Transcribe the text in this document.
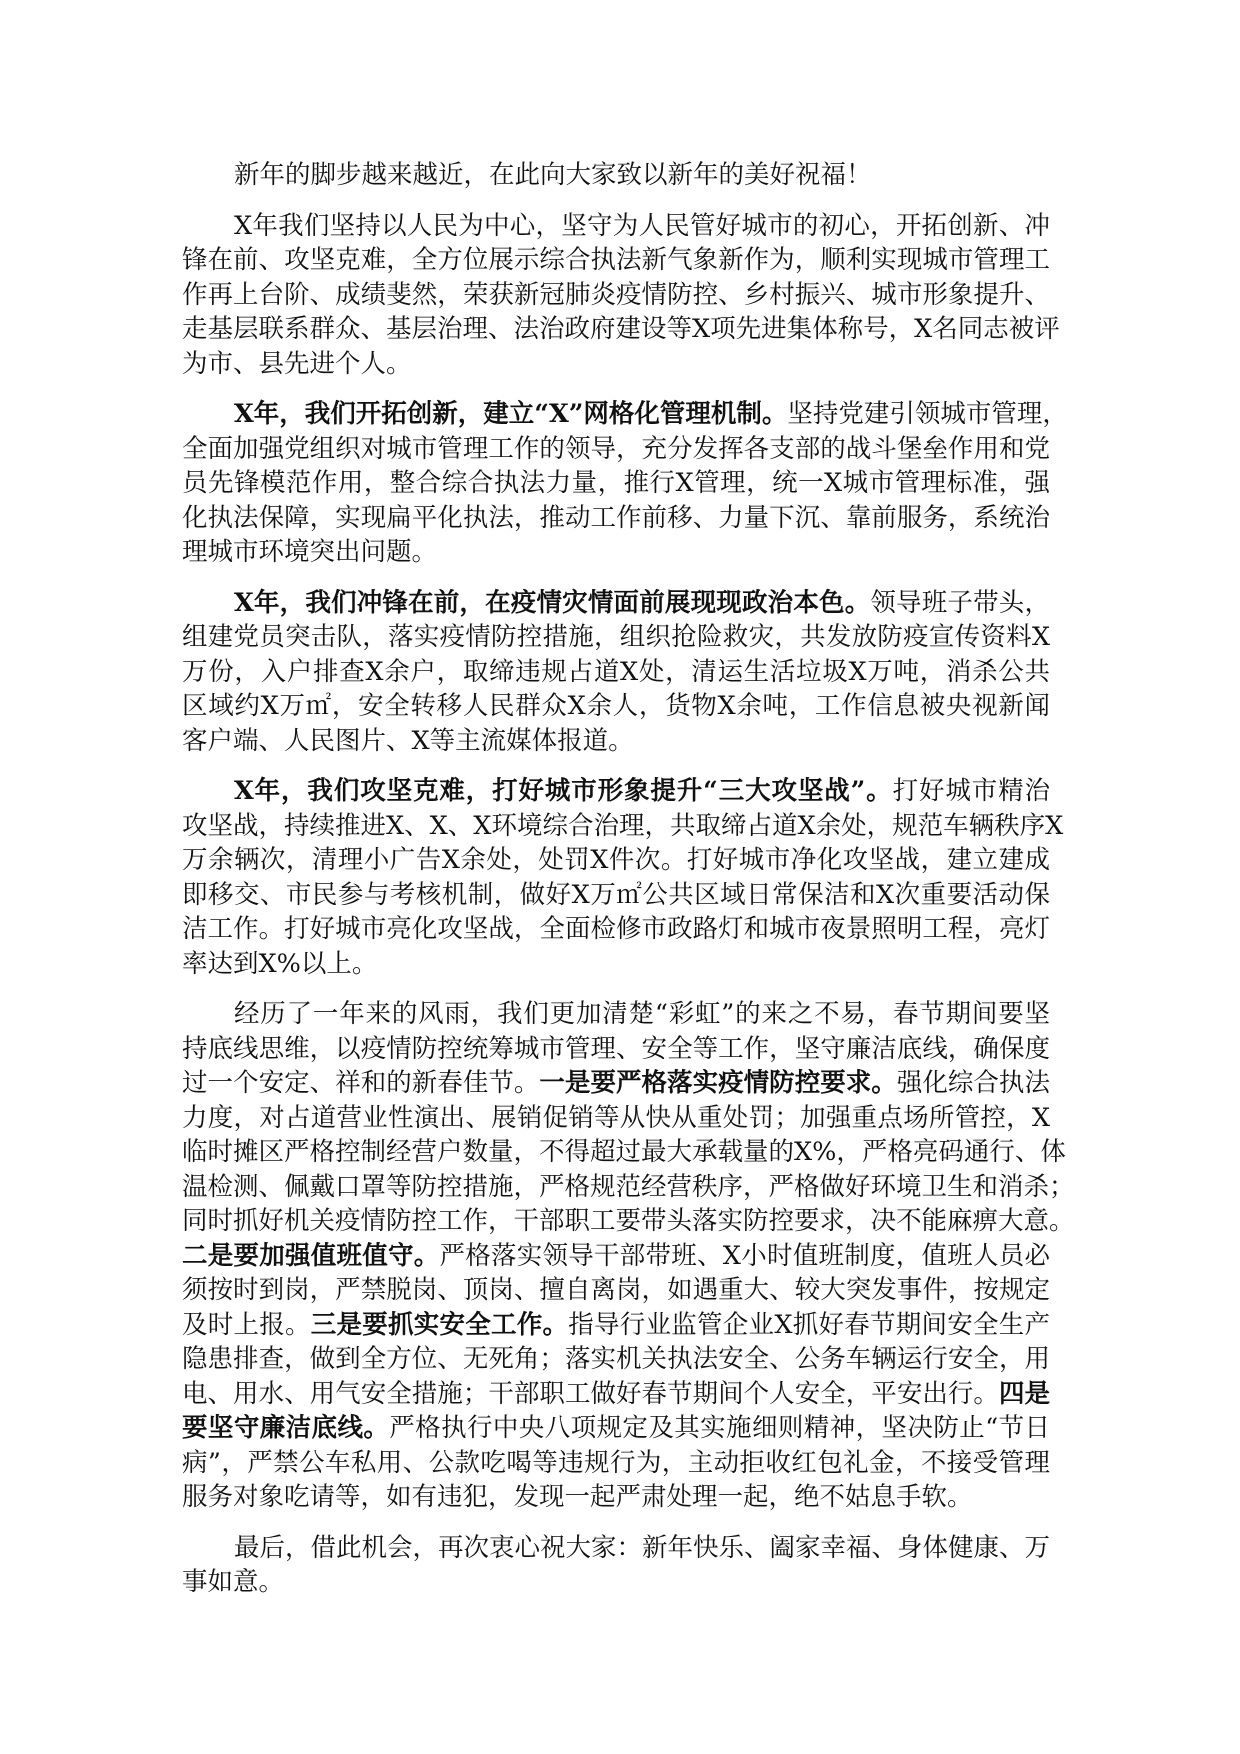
新年的脚步越来越近，在此向大家致以新年的美好祝福！
X年我们坚持以人民为中心，坚守为人民管好城市的初心，开拓创新、冲
锋在前、攻坚克难，全方位展示综合执法新气象新作为，顺利实现城市管理工
作再上台阶、成绩斐然，荣获新冠肺炎疫情防控、乡村振兴、城市形象提升、
走基层联系群众、基层治理、法治政府建设等X项先进集体称号，X名同志被评
为市、县先进个人。
X年，我们开拓创新，建立“X”网格化管理机制。坚持党建引领城市管理，
全面加强党组织对城市管理工作的领导，充分发挥各支部的战斗堡垒作用和党
员先锋模范作用，整合综合执法力量，推行X管理，统一X城市管理标准，强
化执法保障，实现扁平化执法，推动工作前移、力量下沉、靠前服务，系统治
理城市环境突出问题。
X年，我们冲锋在前，在疫情灾情面前展现现政治本色。领导班子带头，
组建党员突击队，落实疫情防控措施，组织抢险救灾，共发放防疫宣传资料X
万份，入户排查X余户，取缔违规占道X处，清运生活垃圾X万吨，消杀公共
区域约X万㎡，安全转移人民群众X余人，货物X余吨，工作信息被央视新闻
客户端、人民图片、X等主流媒体报道。
X年，我们攻坚克难，打好城市形象提升“三大攻坚战”。打好城市精治
攻坚战，持续推进X、X、X环境综合治理，共取缔占道X余处，规范车辆秩序X
万余辆次，清理小广告X余处，处罚X件次。打好城市净化攻坚战，建立建成
即移交、市民参与考核机制，做好X万㎡公共区域日常保洁和X次重要活动保
洁工作。打好城市亮化攻坚战，全面检修市政路灯和城市夜景照明工程，亮灯
率达到X%以上。
经历了一年来的风雨，我们更加清楚“彩虹”的来之不易，春节期间要坚
持底线思维，以疫情防控统筹城市管理、安全等工作，坚守廉洁底线，确保度
过一个安定、祥和的新春佳节。一是要严格落实疫情防控要求。强化综合执法
力度，对占道营业性演出、展销促销等从快从重处罚；加强重点场所管控，X
临时摊区严格控制经营户数量，不得超过最大承载量的X%，严格亮码通行、体
温检测、佩戴口罩等防控措施，严格规范经营秩序，严格做好环境卫生和消杀；
同时抓好机关疫情防控工作，干部职工要带头落实防控要求，决不能麻痹大意。
二是要加强值班值守。严格落实领导干部带班、X小时值班制度，值班人员必
须按时到岗，严禁脱岗、顶岗、擅自离岗，如遇重大、较大突发事件，按规定
及时上报。三是要抓实安全工作。指导行业监管企业X抓好春节期间安全生产
隐患排查，做到全方位、无死角；落实机关执法安全、公务车辆运行安全，用
电、用水、用气安全措施；干部职工做好春节期间个人安全，平安出行。四是
要坚守廉洁底线。严格执行中央八项规定及其实施细则精神，坚决防止“节日
病”，严禁公车私用、公款吃喝等违规行为，主动拒收红包礼金，不接受管理
服务对象吃请等，如有违犯，发现一起严肃处理一起，绝不姑息手软。
最后，借此机会，再次衷心祝大家：新年快乐、阖家幸福、身体健康、万
事如意。
